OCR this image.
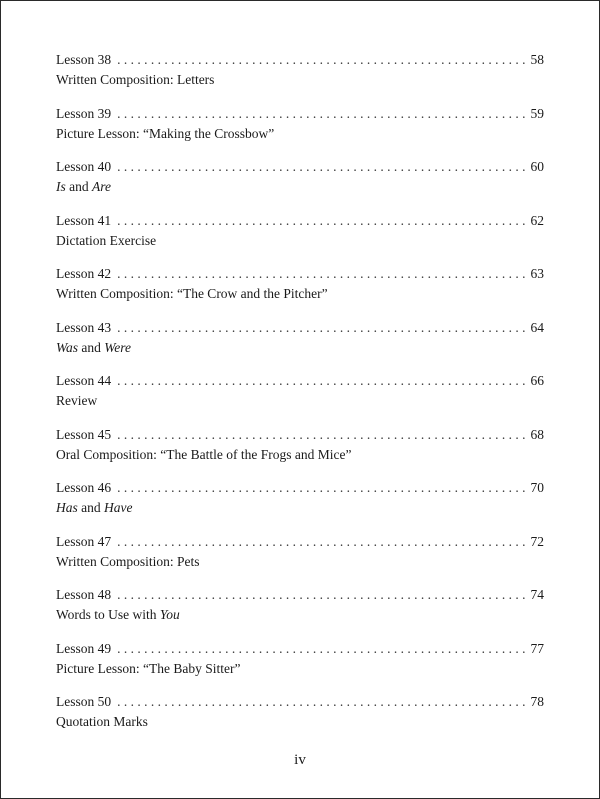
Lesson 38 . . .	58
Written Composition: Letters
Lesson 39 . . .	59
Picture Lesson: “Making the Crossbow”
Lesson 40 . . .	60
Is and Are
Lesson 41 . . .	62
Dictation Exercise
Lesson 42 . . .	63
Written Composition: “The Crow and the Pitcher”
Lesson 43 . . .	64
Was and Were
Lesson 44 . . .	66
Review
Lesson 45 . . .	68
Oral Composition: “The Battle of the Frogs and Mice”
Lesson 46 . . .	70
Has and Have
Lesson 47 . . .	72
Written Composition: Pets
Lesson 48 . . .	74
Words to Use with You
Lesson 49 . . .	77
Picture Lesson: “The Baby Sitter”
Lesson 50 . . .	78
Quotation Marks
iv
